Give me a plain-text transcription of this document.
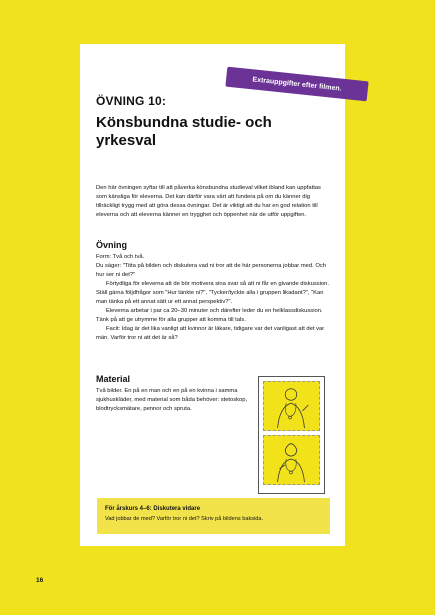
Extrauppgifter efter filmen.
ÖVNING 10:
Könsbundna studie- och yrkesval
Den här övningen syftar till att påverka könsbundna studieval vilket ibland kan uppfattas som känsliga för eleverna. Det kan därför vara värt att fundera på om du känner dig tillräckligt trygg med att göra dessa övningar. Det är viktigt att du har en god relation till eleverna och att eleverna känner en trygghet och öppenhet när de utför uppgiften.
Övning

Form: Två och två.

Du säger: "Titta på bilden och diskutera vad ni tror att de här personerna jobbar med. Och hur ser ni det?"

Förtydliga för eleverna att de bör motivera sina svar så att ni får en givande diskussion. Ställ gärna följdfrågor som "Hur tänkte ni?", "Tycker/tyckte alla i gruppen likadant?", "Kan man tänka på ett annat sätt ur ett annat perspektiv?".

Eleverna arbetar i par ca 20–30 minuter och därefter leder du en helklassdiskussion. Tänk på att ge utrymme för alla grupper att komma till tals.

Facit: Idag är det lika vanligt att kvinnor är läkare, tidigare var det vanligast att det var män. Varför tror ni att det är så?

Material
Två bilder. En på en man och en på en kvinna i samma sjukhuskläder, med material som båda behöver: stetoskop, blodtrycksmätare, pennor och spruta.
För årskurs 4–6: Diskutera vidare
Vad jobbar de med? Varför tror ni det? Skriv på bildens baksida.
16
